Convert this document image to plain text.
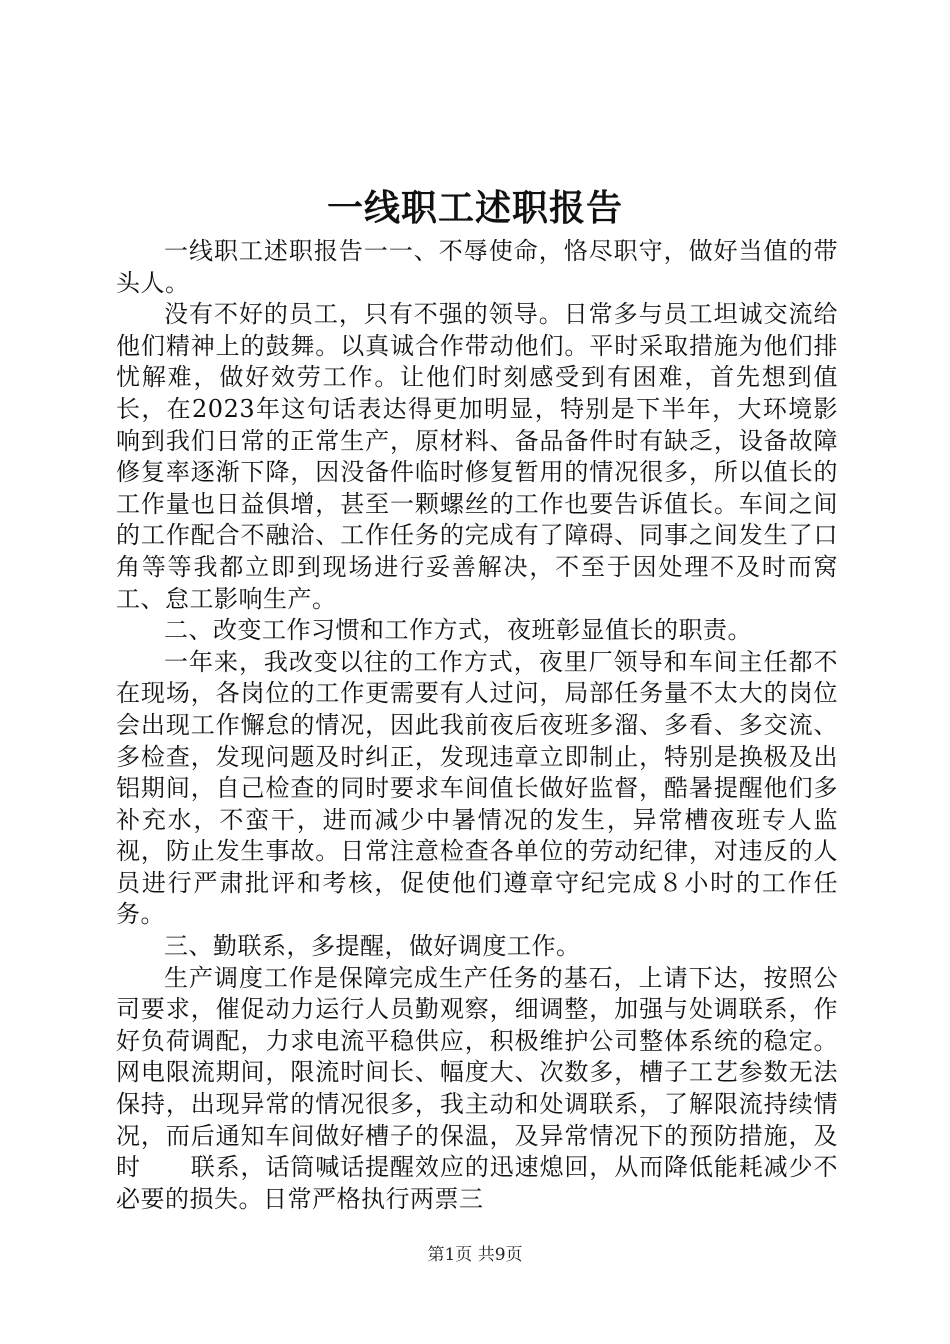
一线职工述职报告

一线职工述职报告一一、不辱使命，恪尽职守，做好当值的带头人。

没有不好的员工，只有不强的领导。日常多与员工坦诚交流给他们精神上的鼓舞。以真诚合作带动他们。平时采取措施为他们排忧解难，做好效劳工作。让他们时刻感受到有困难，首先想到值长，在2023年这句话表达得更加明显，特别是下半年，大环境影响到我们日常的正常生产，原材料、备品备件时有缺乏，设备故障修复率逐渐下降，因没备件临时修复暂用的情况很多，所以值长的工作量也日益俱增，甚至一颗螺丝的工作也要告诉值长。车间之间的工作配合不融洽、工作任务的完成有了障碍、同事之间发生了口角等等我都立即到现场进行妥善解决，不至于因处理不及时而窝工、怠工影响生产。

二、改变工作习惯和工作方式，夜班彰显值长的职责。

一年来，我改变以往的工作方式，夜里厂领导和车间主任都不在现场，各岗位的工作更需要有人过问，局部任务量不太大的岗位会出现工作懈怠的情况，因此我前夜后夜班多溜、多看、多交流、多检查，发现问题及时纠正，发现违章立即制止，特别是换极及出铝期间，自己检查的同时要求车间值长做好监督，酷暑提醒他们多补充水，不蛮干，进而减少中暑情况的发生，异常槽夜班专人监视，防止发生事故。日常注意检查各单位的劳动纪律，对违反的人员进行严肃批评和考核，促使他们遵章守纪完成８小时的工作任务。

三、勤联系，多提醒，做好调度工作。

生产调度工作是保障完成生产任务的基石，上请下达，按照公司要求，催促动力运行人员勤观察，细调整，加强与处调联系，作好负荷调配，力求电流平稳供应，积极维护公司整体系统的稳定。网电限流期间，限流时间长、幅度大、次数多，槽子工艺参数无法保持，出现异常的情况很多，我主动和处调联系，了解限流持续情况，而后通知车间做好槽子的保温，及异常情况下的预防措施，及时　　联系，话筒喊话提醒效应的迅速熄回，从而降低能耗减少不必要的损失。日常严格执行两票三

第1页 共9页
